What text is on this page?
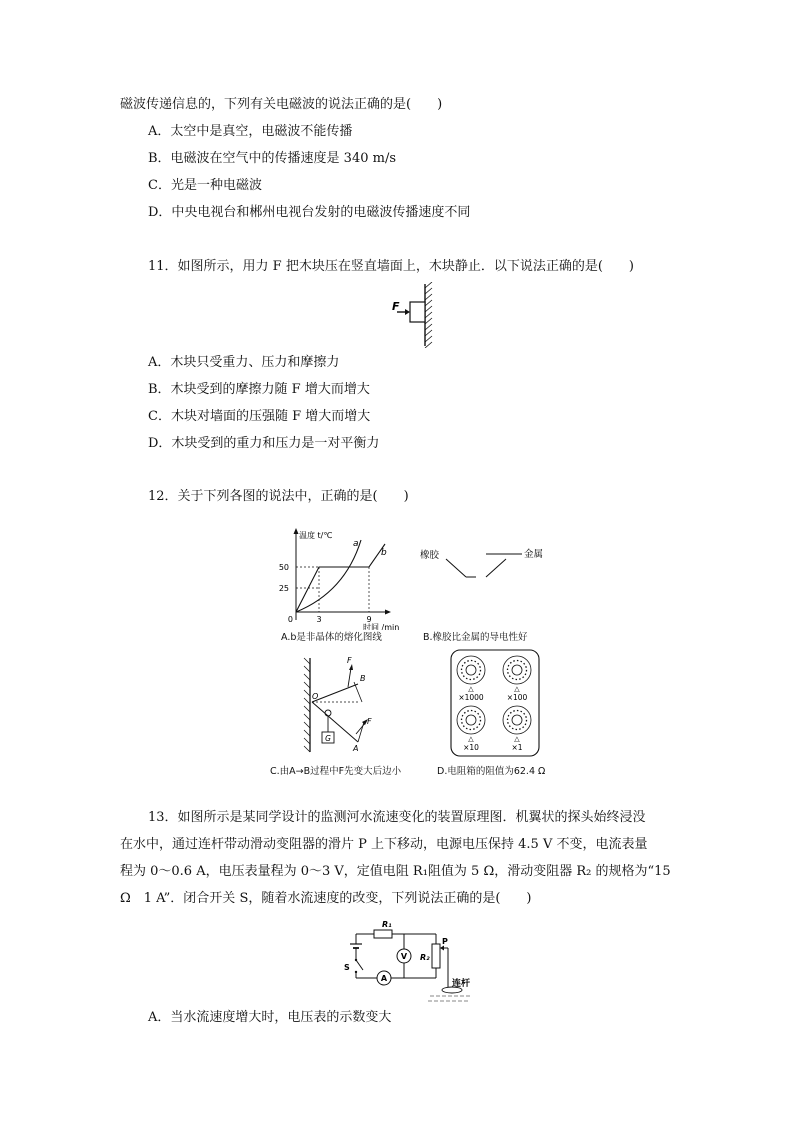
磁波传递信息的，下列有关电磁波的说法正确的是(　　)
A．太空中是真空，电磁波不能传播
B．电磁波在空气中的传播速度是 340 m/s
C．光是一种电磁波
D．中央电视台和郴州电视台发射的电磁波传播速度不同
11．如图所示，用力 F 把木块压在竖直墙面上，木块静止．以下说法正确的是(　　)
F
A．木块只受重力、压力和摩擦力
B．木块受到的摩擦力随 F 增大而增大
C．木块对墙面的压强随 F 增大而增大
D．木块受到的重力和压力是一对平衡力
12．关于下列各图的说法中，正确的是(　　)
温度 t/℃
50
25
0	3	9
时间 /min
a
b
A.b是非晶体的熔化图线
橡胶	金属
B.橡胶比金属的导电性好
F
B
O
F
A
G
C.由A→B过程中F先变大后边小
△	△
△	△
×1000	×100
×10	×1
D.电阻箱的阻值为62.4 Ω
13．如图所示是某同学设计的监测河水流速变化的装置原理图．机翼状的探头始终浸没
在水中，通过连杆带动滑动变阻器的滑片 P 上下移动，电源电压保持 4.5 V 不变，电流表量
程为 0～0.6 A，电压表量程为 0～3 V，定值电阻 R₁阻值为 5 Ω，滑动变阻器 R₂ 的规格为“15
Ω　1 A”．闭合开关 S，随着水流速度的改变，下列说法正确的是(　　)
A
V
R₁
R₂
P
S
连杆
A．当水流速度增大时，电压表的示数变大
